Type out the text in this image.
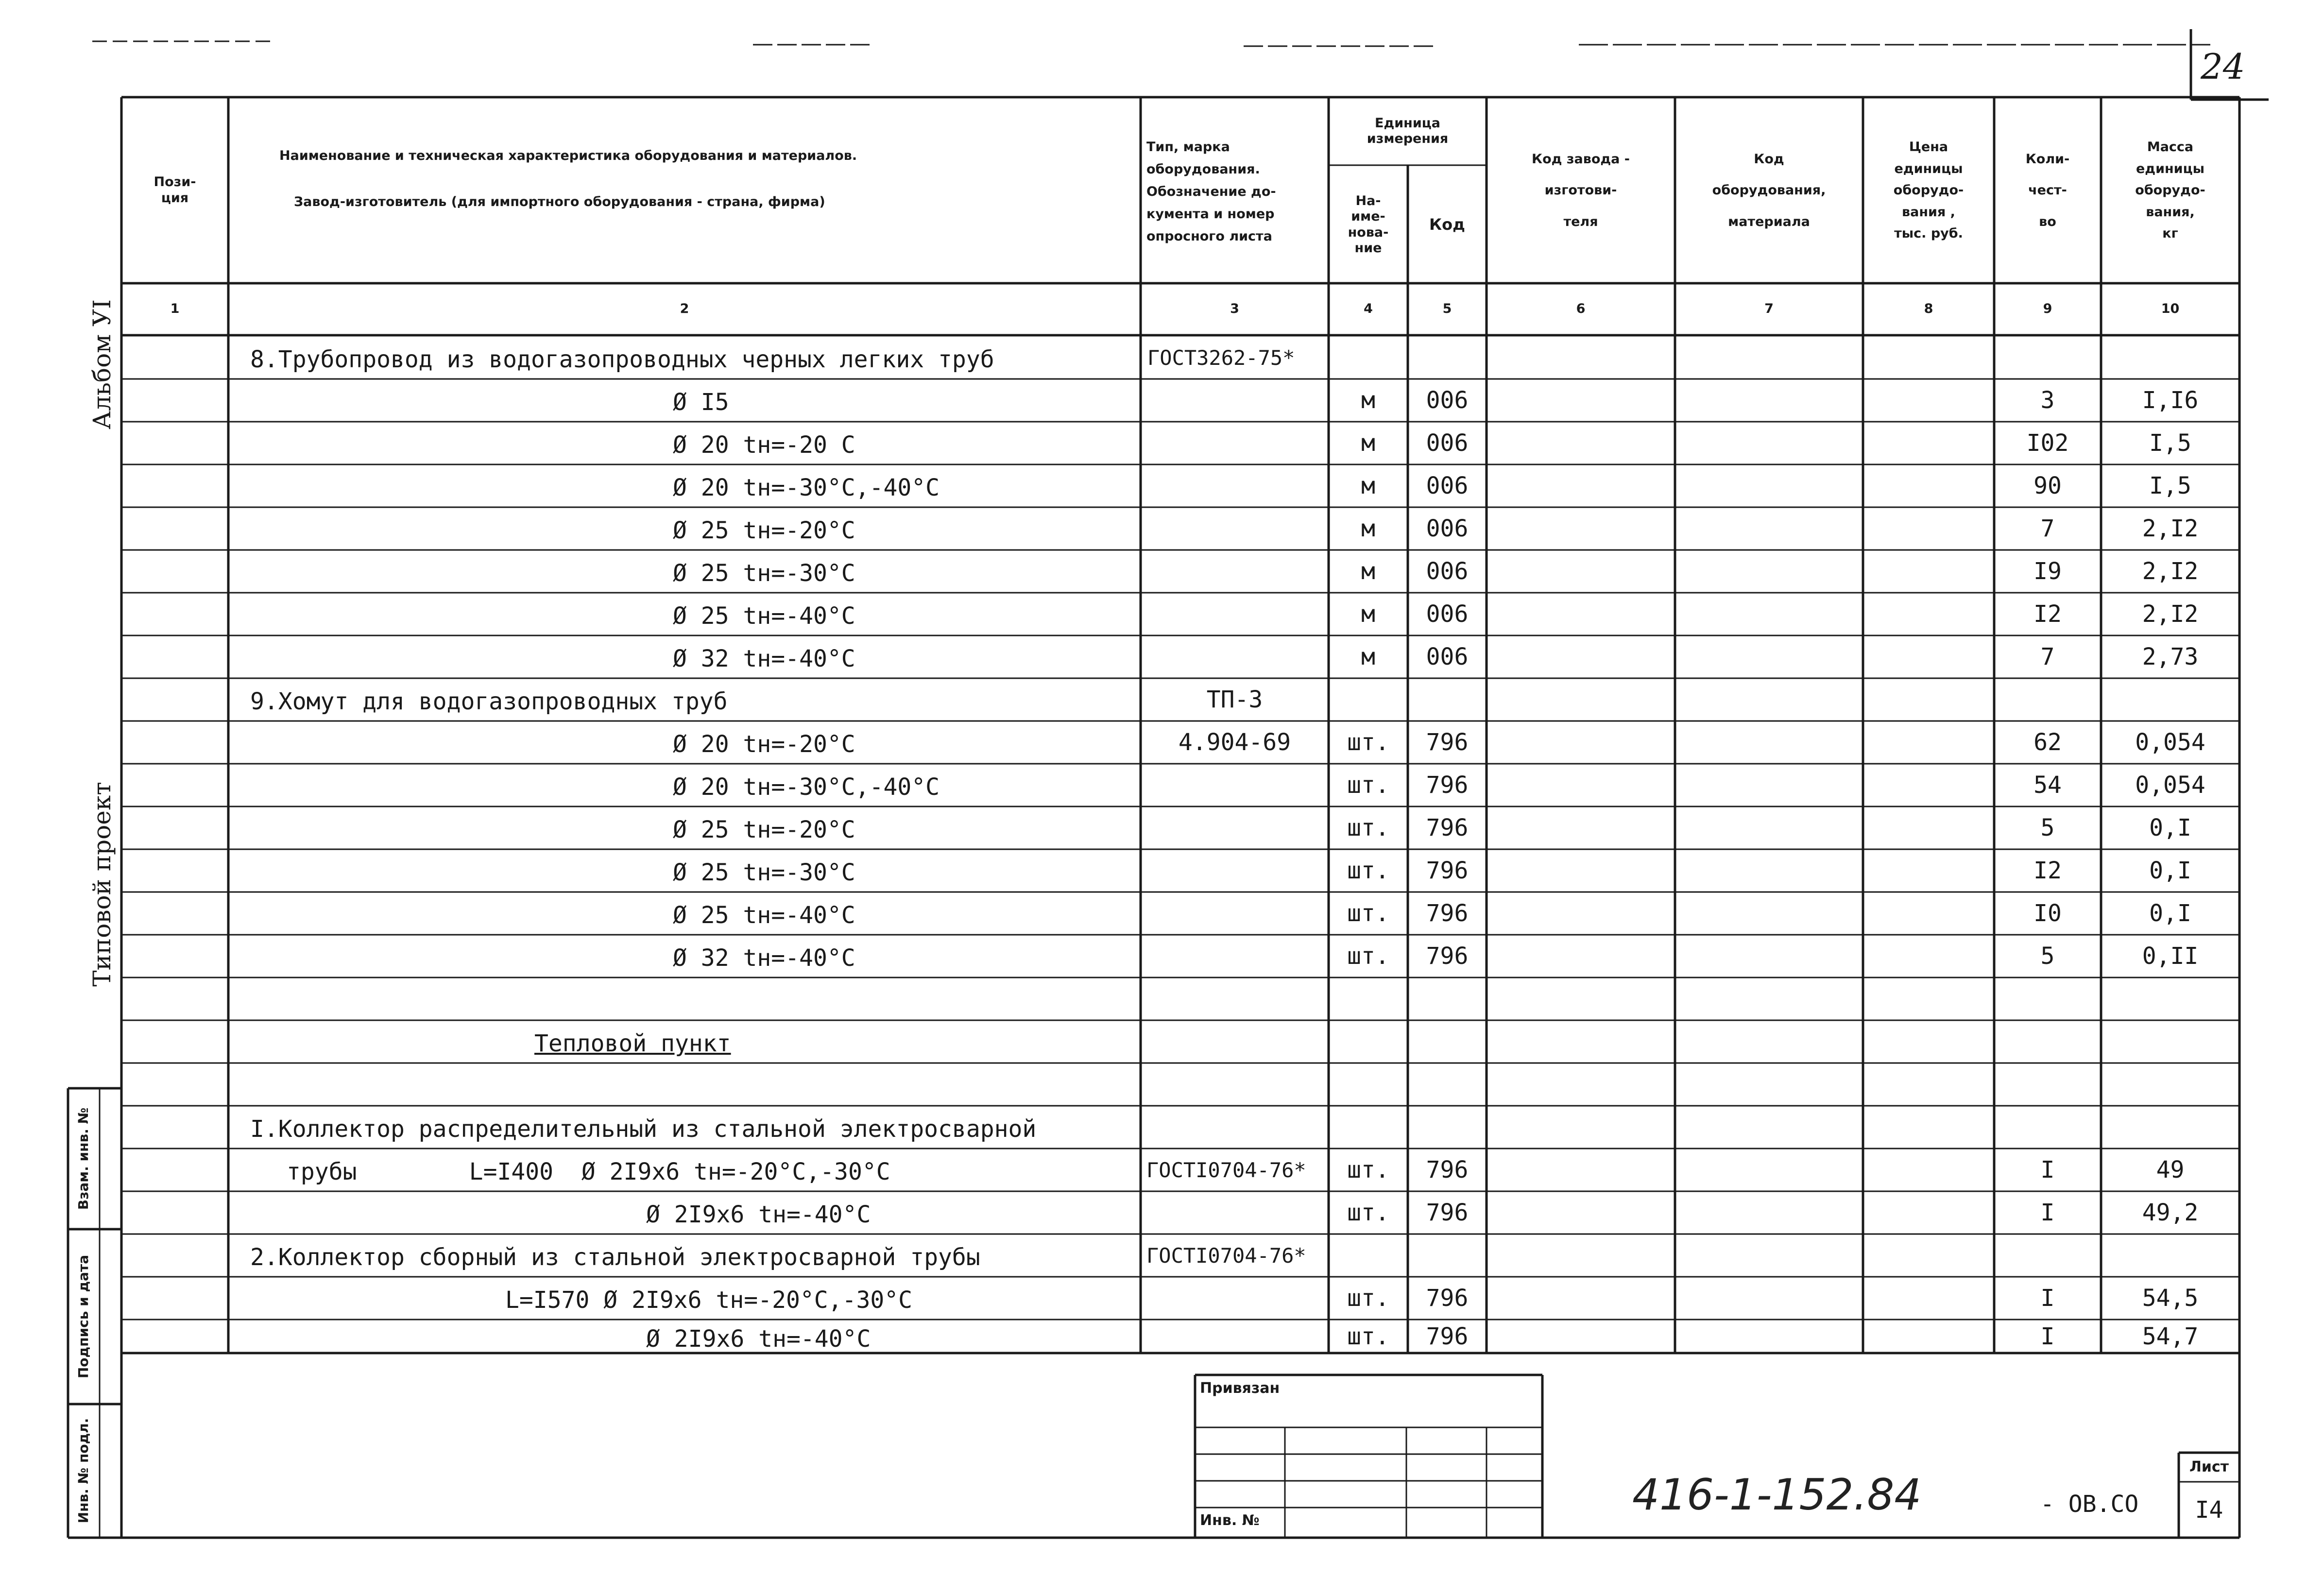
24
Альбом УI
Типовой проект
Взам. инв. №
Подпись и дата
Инв. № подл.
Пози-
ция
Наименование и техническая характеристика оборудования и материалов.
Завод-изготовитель (для импортного оборудования - страна, фирма)
Тип, марка
оборудования.
Обозначение до-
кумента и номер
опросного листа
Единица
измерения
На-
име-
нова-
ние
Код
Код завода -

изготови-

теля
Код

оборудования,

материала
Цена
единицы
оборудо-
вания ,
тыс. руб.
Коли-

чест-

во
Масса
единицы
оборудо-
вания,
кг
1	2	3	4	5	6	7	8	9	10
8.Трубопровод из водогазопроводных черных легких труб	ГОСТ3262-75*
Ø I5	м	006	3	I,I6
Ø 20 tн=-20 C	м	006	I02	I,5
Ø 20 tн=-30°C,-40°C	м	006	90	I,5
Ø 25 tн=-20°C	м	006	7	2,I2
Ø 25 tн=-30°C	м	006	I9	2,I2
Ø 25 tн=-40°C	м	006	I2	2,I2
Ø 32 tн=-40°C	м	006	7	2,73
9.Хомут для водогазопроводных труб	ТП-3
Ø 20 tн=-20°C	4.904-69	шт.	796	62	0,054
Ø 20 tн=-30°C,-40°C	шт.	796	54	0,054
Ø 25 tн=-20°C	шт.	796	5	0,I
Ø 25 tн=-30°C	шт.	796	I2	0,I
Ø 25 tн=-40°C	шт.	796	I0	0,I
Ø 32 tн=-40°C	шт.	796	5	0,II
Тепловой пункт
I.Коллектор распределительный из стальной электросварной
трубы        L=I400  Ø 2I9x6 tн=-20°C,-30°C	ГОСТI0704-76*	шт.	796	I	49
Ø 2I9x6 tн=-40°C	шт.	796	I	49,2
2.Коллектор сборный из стальной электросварной трубы	ГОСТI0704-76*
L=I570 Ø 2I9x6 tн=-20°C,-30°C	шт.	796	I	54,5
Ø 2I9x6 tн=-40°C	шт.	796	I	54,7
Привязан
Инв. №
416-1-152.84	- ОВ.СО
Лист
I4
